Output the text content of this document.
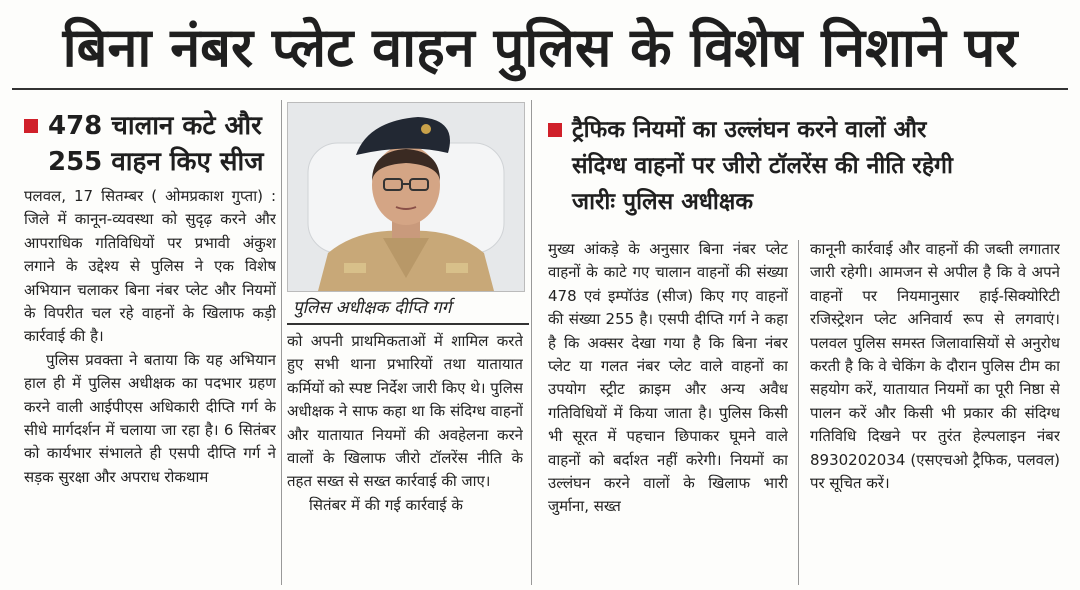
बिना नंबर प्लेट वाहन पुलिस के विशेष निशाने पर
478 चालान कटे और
255 वाहन किए सीज

पलवल, 17 सितम्बर ( ओमप्रकाश गुप्ता) : जिले में कानून-व्यवस्था को सुदृढ़ करने और आपराधिक गतिविधियों पर प्रभावी अंकुश लगाने के उद्देश्य से पुलिस ने एक विशेष अभियान चलाकर बिना नंबर प्लेट और नियमों के विपरीत चल रहे वाहनों के खिलाफ कड़ी कार्रवाई की है।

पुलिस प्रवक्ता ने बताया कि यह अभियान हाल ही में पुलिस अधीक्षक का पदभार ग्रहण करने वाली आईपीएस अधिकारी दीप्ति गर्ग के सीधे मार्गदर्शन में चलाया जा रहा है। 6 सितंबर को कार्यभार संभालते ही एसपी दीप्ति गर्ग ने सड़क सुरक्षा और अपराध रोकथाम

पुलिस अधीक्षक दीप्ति गर्ग

को अपनी प्राथमिकताओं में शामिल करते हुए सभी थाना प्रभारियों तथा यातायात कर्मियों को स्पष्ट निर्देश जारी किए थे। पुलिस अधीक्षक ने साफ कहा था कि संदिग्ध वाहनों और यातायात नियमों की अवहेलना करने वालों के खिलाफ जीरो टॉलरेंस नीति के तहत सख्त से सख्त कार्रवाई की जाए।

सितंबर में की गई कार्रवाई के

ट्रैफिक नियमों का उल्लंघन करने वालों और
संदिग्ध वाहनों पर जीरो टॉलरेंस की नीति रहेगी
जारीः पुलिस अधीक्षक

मुख्य आंकड़े के अनुसार बिना नंबर प्लेट वाहनों के काटे गए चालान वाहनों की संख्या 478 एवं इम्पॉउंड (सीज) किए गए वाहनों की संख्या 255 है। एसपी दीप्ति गर्ग ने कहा है कि अक्सर देखा गया है कि बिना नंबर प्लेट या गलत नंबर प्लेट वाले वाहनों का उपयोग स्ट्रीट क्राइम और अन्य अवैध गतिविधियों में किया जाता है। पुलिस किसी भी सूरत में पहचान छिपाकर घूमने वाले वाहनों को बर्दाश्त नहीं करेगी। नियमों का उल्लंघन करने वालों के खिलाफ भारी जुर्माना, सख्त

कानूनी कार्रवाई और वाहनों की जब्ती लगातार जारी रहेगी। आमजन से अपील है कि वे अपने वाहनों पर नियमानुसार हाई-सिक्योरिटी रजिस्ट्रेशन प्लेट अनिवार्य रूप से लगवाएं। पलवल पुलिस समस्त जिलावासियों से अनुरोध करती है कि वे चेकिंग के दौरान पुलिस टीम का सहयोग करें, यातायात नियमों का पूरी निष्ठा से पालन करें और किसी भी प्रकार की संदिग्ध गतिविधि दिखने पर तुरंत हेल्पलाइन नंबर 8930202034 (एसएचओ ट्रैफिक, पलवल) पर सूचित करें।
